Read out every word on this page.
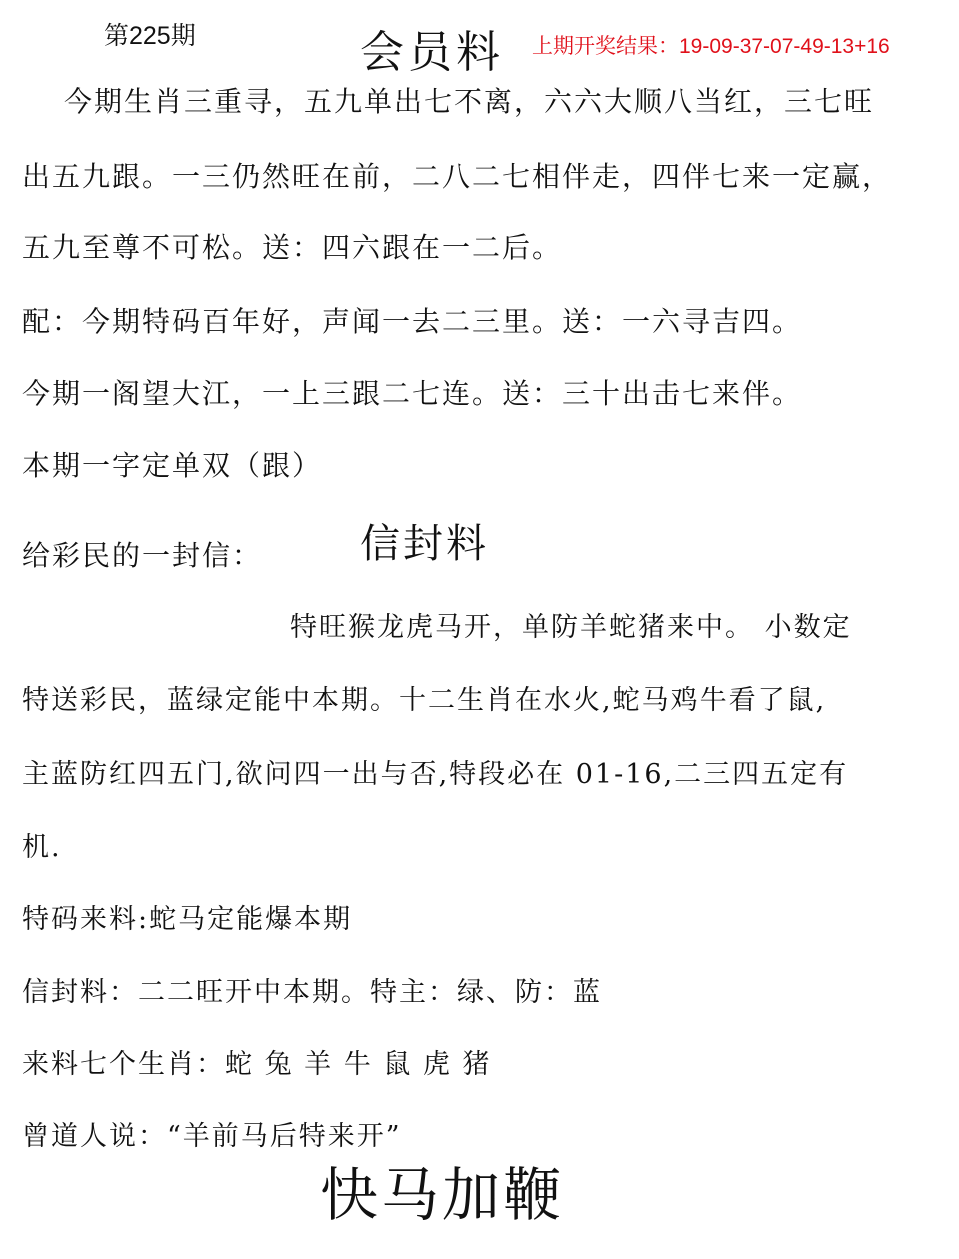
第225期	会员料 上期开奖结果：19-09-37-07-49-13+16
今期生肖三重寻，五九单出七不离，六六大顺八当红，三七旺
出五九跟。一三仍然旺在前，二八二七相伴走，四伴七来一定赢，
五九至尊不可松。送：四六跟在一二后。
配：今期特码百年好，声闻一去二三里。送：一六寻吉四。
今期一阁望大江，一上三跟二七连。送：三十出击七来伴。
本期一字定单双（跟）
给彩民的一封信： 信封料
特旺猴龙虎马开，单防羊蛇猪来中。 小数定
特送彩民，蓝绿定能中本期。十二生肖在水火,蛇马鸡牛看了鼠,
主蓝防红四五门,欲问四一出与否,特段必在 01-16,二三四五定有
机.
特码来料:蛇马定能爆本期
信封料：二二旺开中本期。特主：绿、防：蓝
来料七个生肖：蛇 兔 羊 牛 鼠 虎 猪
曾道人说：“羊前马后特来开”
快马加鞭
